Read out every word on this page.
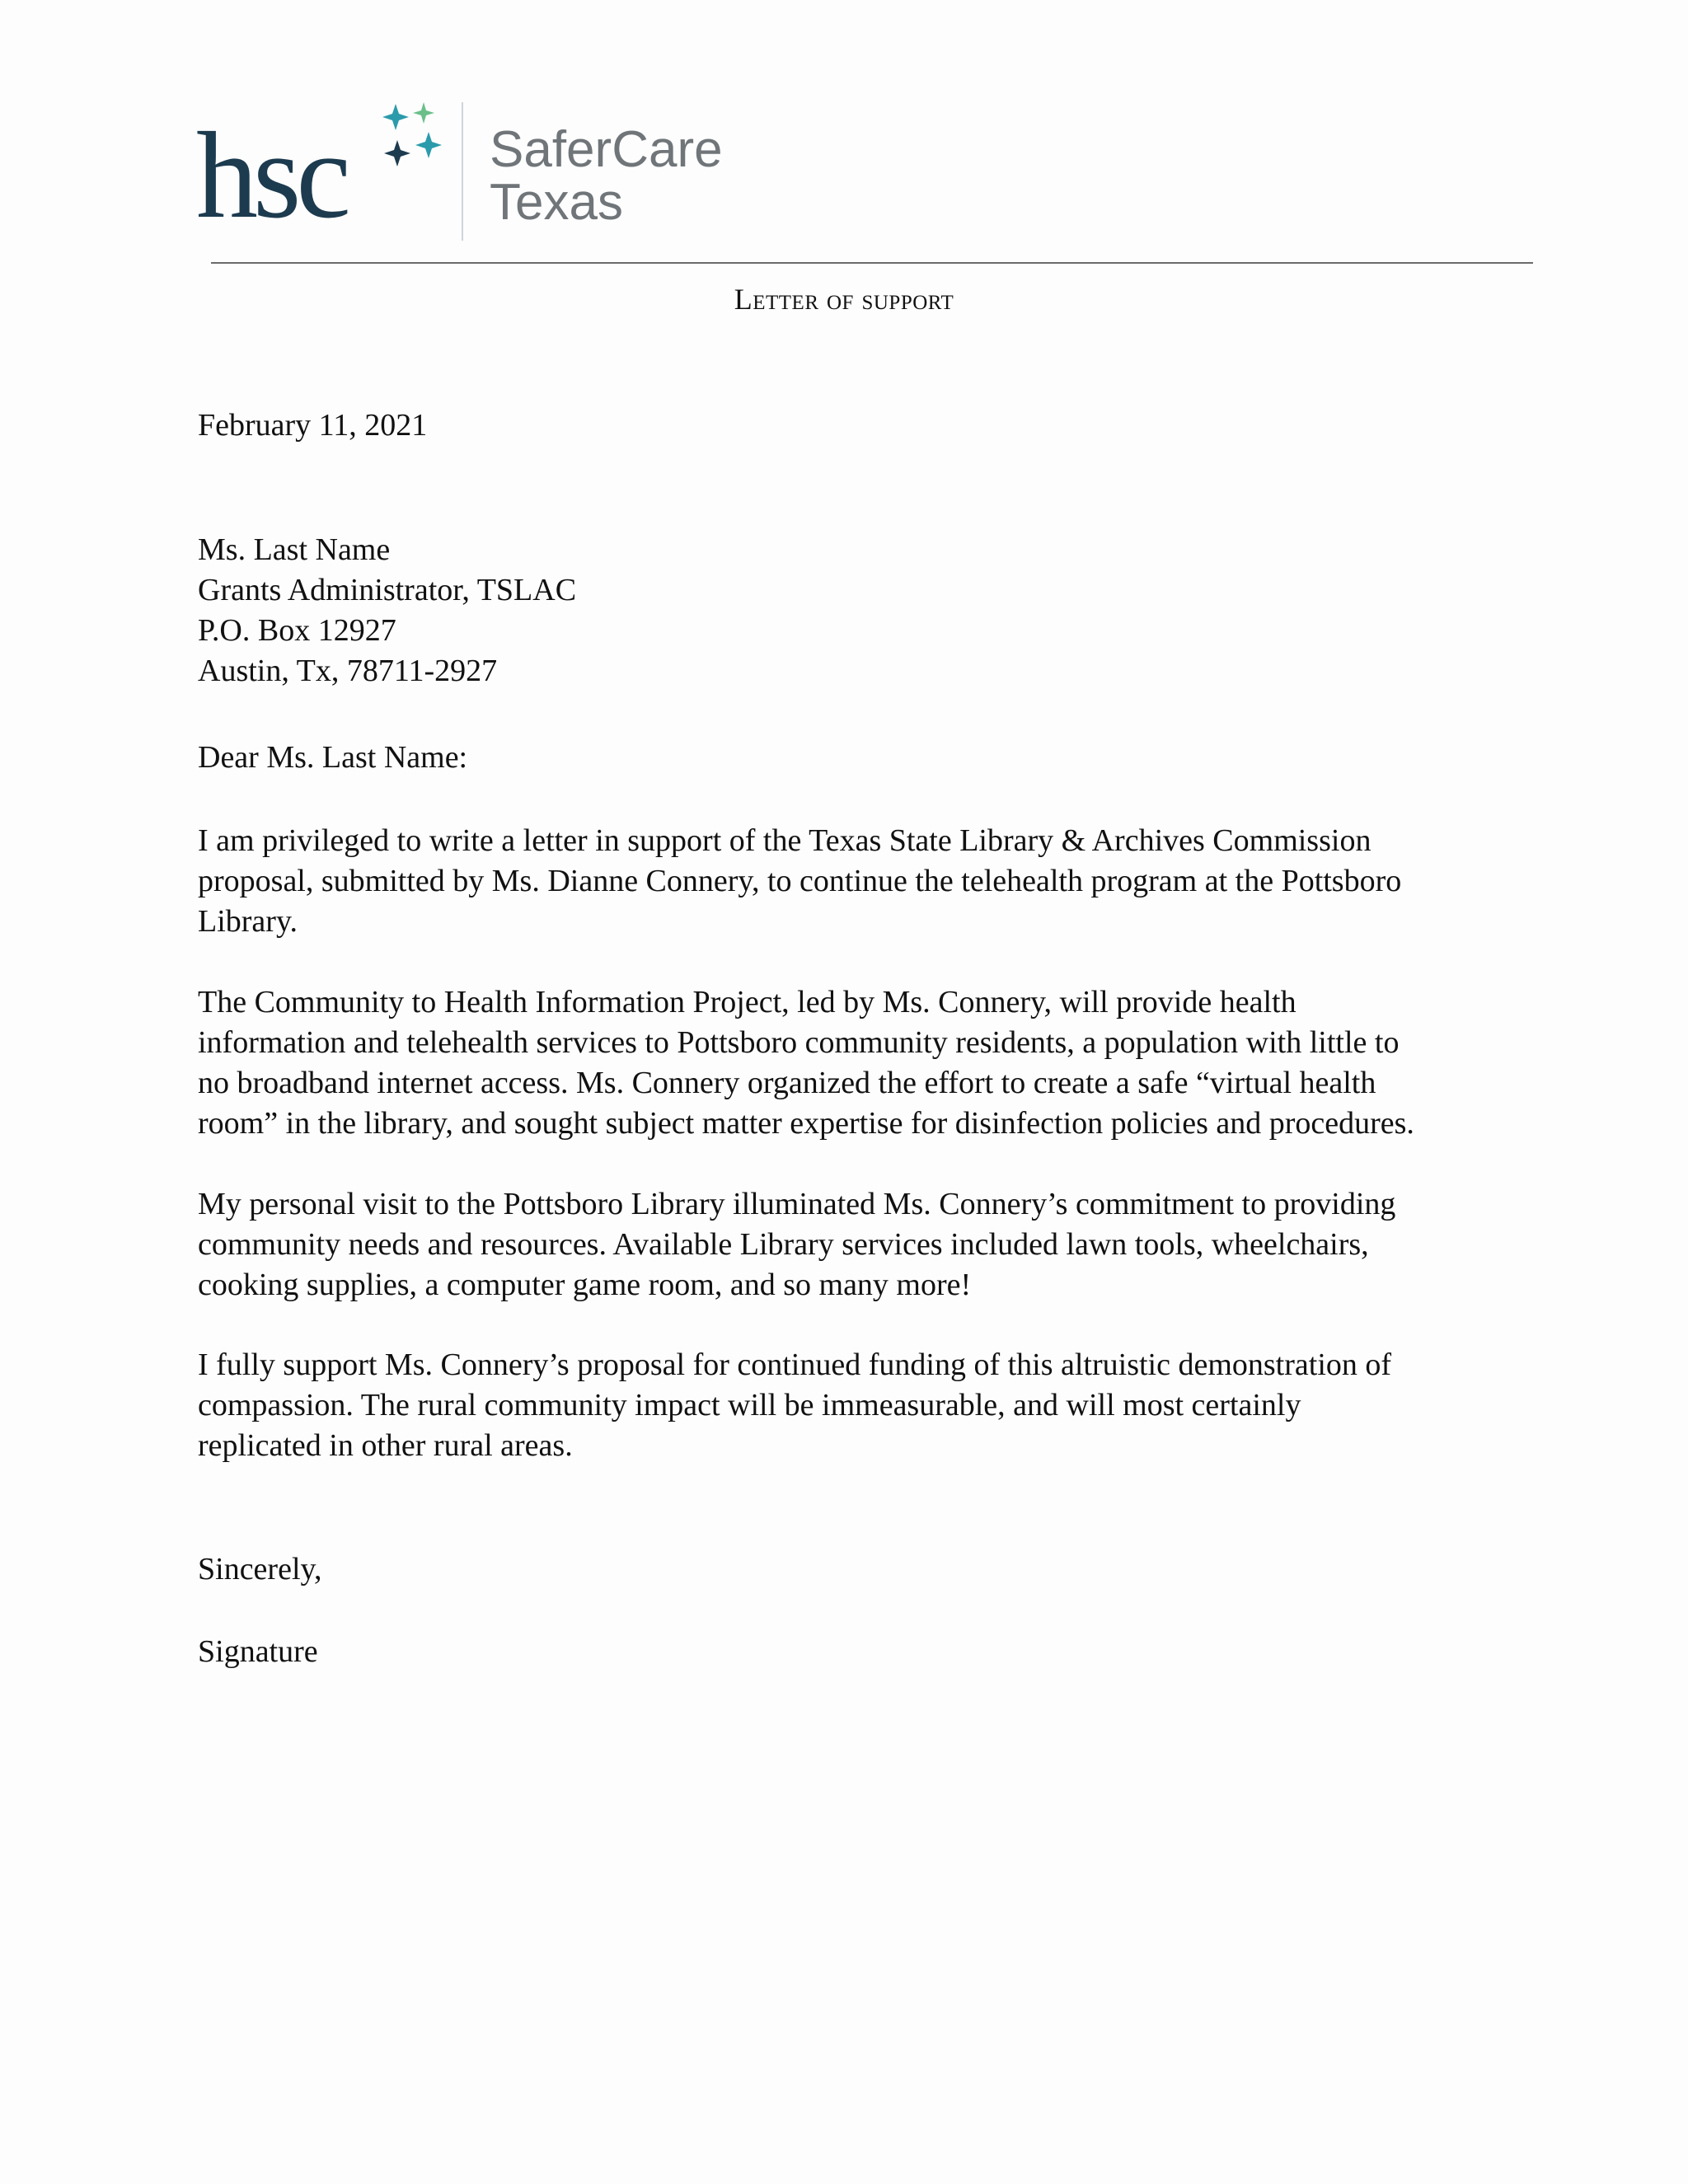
hsc	SaferCare
Texas
Letter of support
February 11, 2021
Ms. Last Name
Grants Administrator, TSLAC
P.O. Box 12927
Austin, Tx, 78711-2927
Dear Ms. Last Name:
I am privileged to write a letter in support of the Texas State Library & Archives Commission
proposal, submitted by Ms. Dianne Connery, to continue the telehealth program at the Pottsboro
Library.
The Community to Health Information Project, led by Ms. Connery, will provide health
information and telehealth services to Pottsboro community residents, a population with little to
no broadband internet access. Ms. Connery organized the effort to create a safe “virtual health
room” in the library, and sought subject matter expertise for disinfection policies and procedures.
My personal visit to the Pottsboro Library illuminated Ms. Connery’s commitment to providing
community needs and resources. Available Library services included lawn tools, wheelchairs,
cooking supplies, a computer game room, and so many more!
I fully support Ms. Connery’s proposal for continued funding of this altruistic demonstration of
compassion. The rural community impact will be immeasurable, and will most certainly
replicated in other rural areas.
Sincerely,
Signature
